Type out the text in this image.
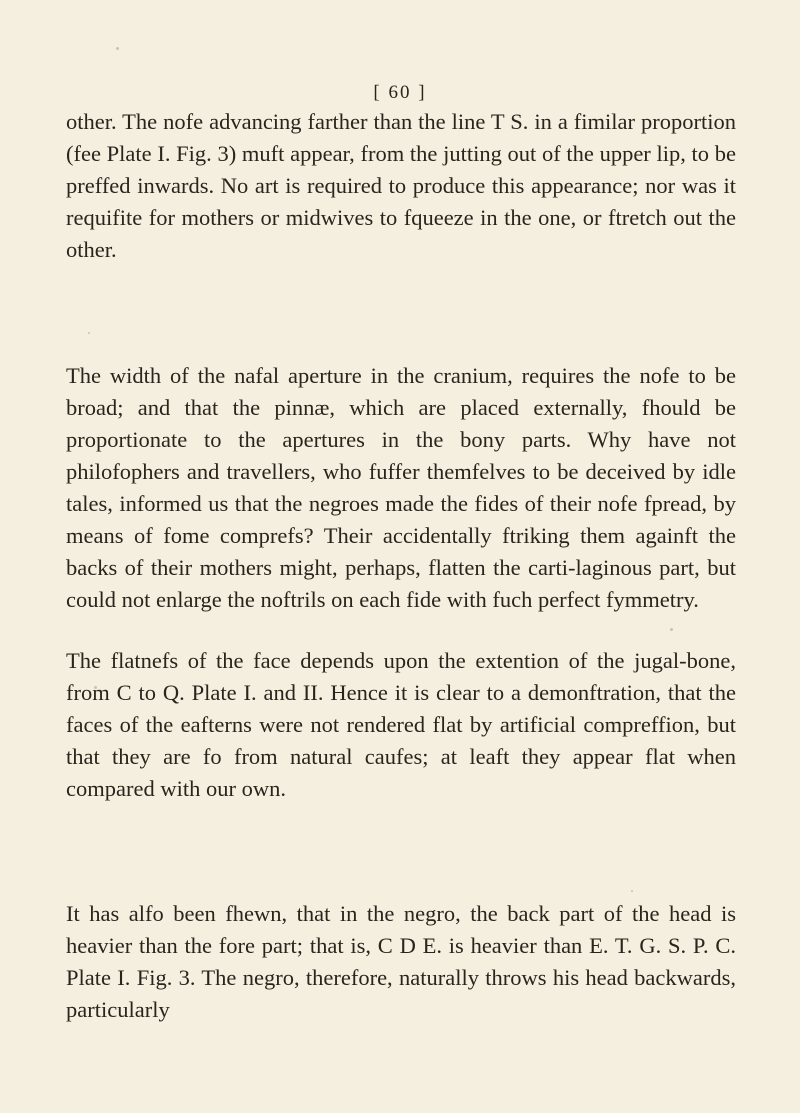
[ 60 ]

other. The nofe advancing farther than the line T S. in a fimilar proportion (fee Plate I. Fig. 3) muft appear, from the jutting out of the upper lip, to be preffed inwards. No art is required to produce this appearance; nor was it requifite for mothers or midwives to fqueeze in the one, or ftretch out the other.

The width of the nafal aperture in the cranium, requires the nofe to be broad; and that the pinnæ, which are placed externally, fhould be proportionate to the apertures in the bony parts. Why have not philofophers and travellers, who fuffer themfelves to be deceived by idle tales, informed us that the negroes made the fides of their nofe fpread, by means of fome comprefs? Their accidentally ftriking them againft the backs of their mothers might, perhaps, flatten the carti-laginous part, but could not enlarge the noftrils on each fide with fuch perfect fymmetry.

The flatnefs of the face depends upon the extention of the jugal-bone, from C to Q. Plate I. and II. Hence it is clear to a demonftration, that the faces of the eafterns were not rendered flat by artificial compreffion, but that they are fo from natural caufes; at leaft they appear flat when compared with our own.

It has alfo been fhewn, that in the negro, the back part of the head is heavier than the fore part; that is, C D E. is heavier than E. T. G. S. P. C. Plate I. Fig. 3. The negro, therefore, naturally throws his head backwards, particularly
